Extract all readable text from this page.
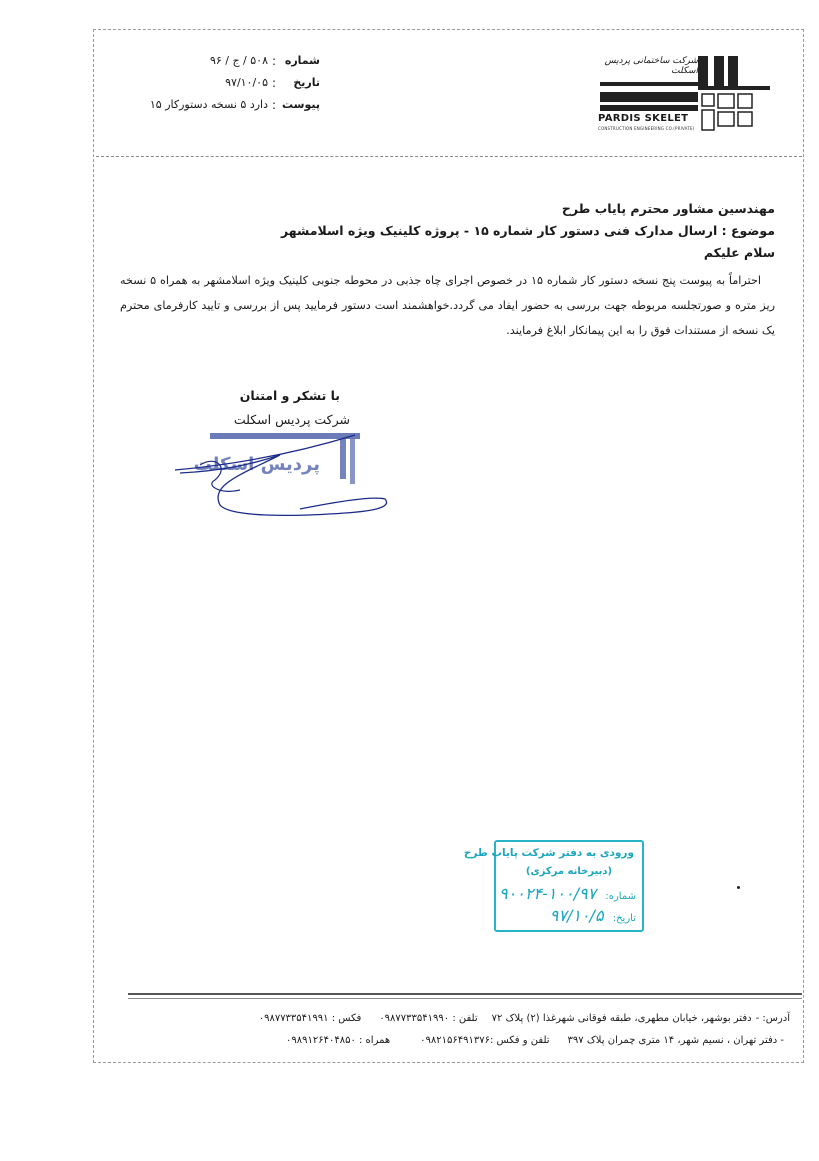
شرکت ساختمانی پردیس اسکلت
PARDIS SKELET
CONSTRUCTION ENGINEERING CO.(PRIVATE)
شماره
:
۵۰۸ / ج / ۹۶
تاریخ
:
۹۷/۱۰/۰۵
پیوست
:
دارد ۵ نسخه دستورکار ۱۵
مهندسین مشاور محترم پایاب طرح
موضوع : ارسال مدارک فنی دستور کار شماره ۱۵ - پروژه کلینیک ویژه اسلامشهر
سلام علیکم
احتراماً به پیوست پنج نسخه دستور کار شماره ۱۵ در خصوص اجرای چاه جذبی در محوطه جنوبی کلینیک ویژه اسلامشهر به همراه ۵ نسخه ریز متره و صورتجلسه مربوطه جهت بررسی به حضور ایفاد می گردد.خواهشمند است دستور فرمایید پس از بررسی و تایید کارفرمای محترم یک نسخه از مستندات فوق را به این پیمانکار ابلاغ فرمایند.
با تشکر و امتنان
شرکت پردیس اسکلت
پردیس اسکلت
ورودی به دفتر شرکت پایاب طرح
(دبیرخانه مرکزی)
شماره: ۱۰۰/۹۷-۹۰۰۲۴
تاریخ: ۹۷/۱۰/۵
آدرس: -
دفتر بوشهر، خیابان مطهری، طبقه فوقانی شهرغذا (۲) پلاک ۷۲
تلفن : ۰۹۸۷۷۳۳۵۴۱۹۹۰
فکس : ۰۹۸۷۷۳۳۵۴۱۹۹۱
- دفتر تهران ، نسیم شهر، ۱۴ متری چمران پلاک ۳۹۷
تلفن و فکس :۰۹۸۲۱۵۶۴۹۱۳۷۶
همراه : ۰۹۸۹۱۲۶۴۰۴۸۵۰
